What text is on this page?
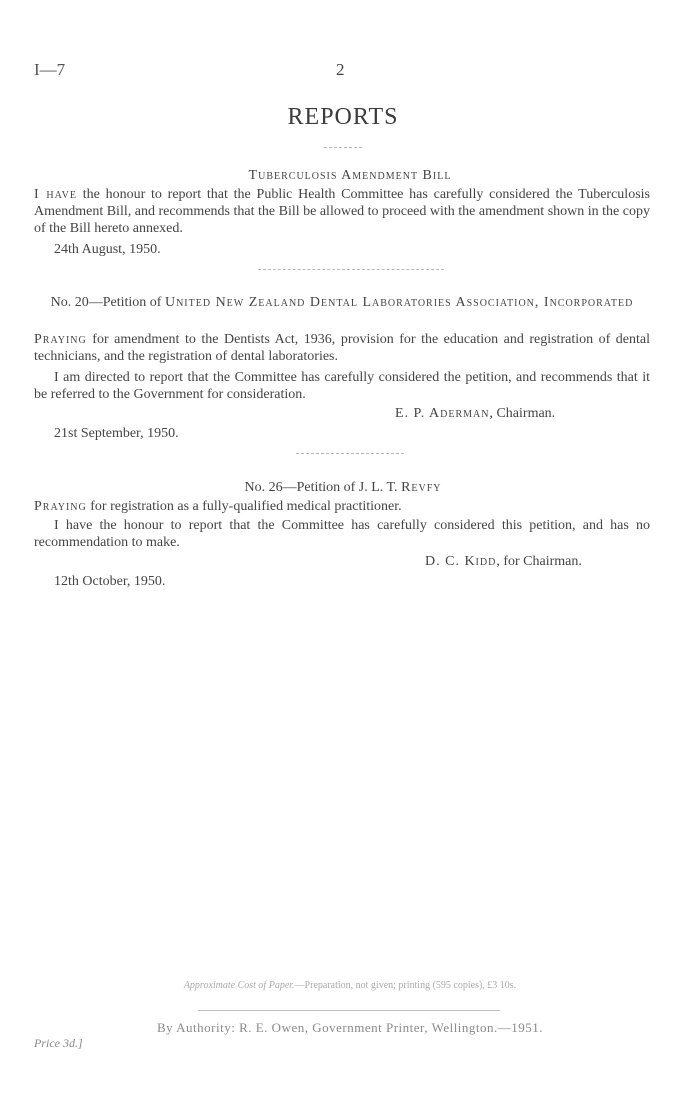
I—7	2
REPORTS
Tuberculosis Amendment Bill
I have the honour to report that the Public Health Committee has carefully considered the Tuberculosis Amendment Bill, and recommends that the Bill be allowed to proceed with the amendment shown in the copy of the Bill hereto annexed.
24th August, 1950.
No. 20—Petition of United New Zealand Dental Laboratories Association, Incorporated
Praying for amendment to the Dentists Act, 1936, provision for the education and registration of dental technicians, and the registration of dental laboratories.
I am directed to report that the Committee has carefully considered the petition, and recommends that it be referred to the Government for consideration.
E. P. Aderman, Chairman.
21st September, 1950.
No. 26—Petition of J. L. T. Revfy
Praying for registration as a fully-qualified medical practitioner.
I have the honour to report that the Committee has carefully considered this petition, and has no recommendation to make.
D. C. Kidd, for Chairman.
12th October, 1950.
Approximate Cost of Paper.—Preparation, not given; printing (595 copies), £3 10s.
By Authority: R. E. Owen, Government Printer, Wellington.—1951.
Price 3d.]
